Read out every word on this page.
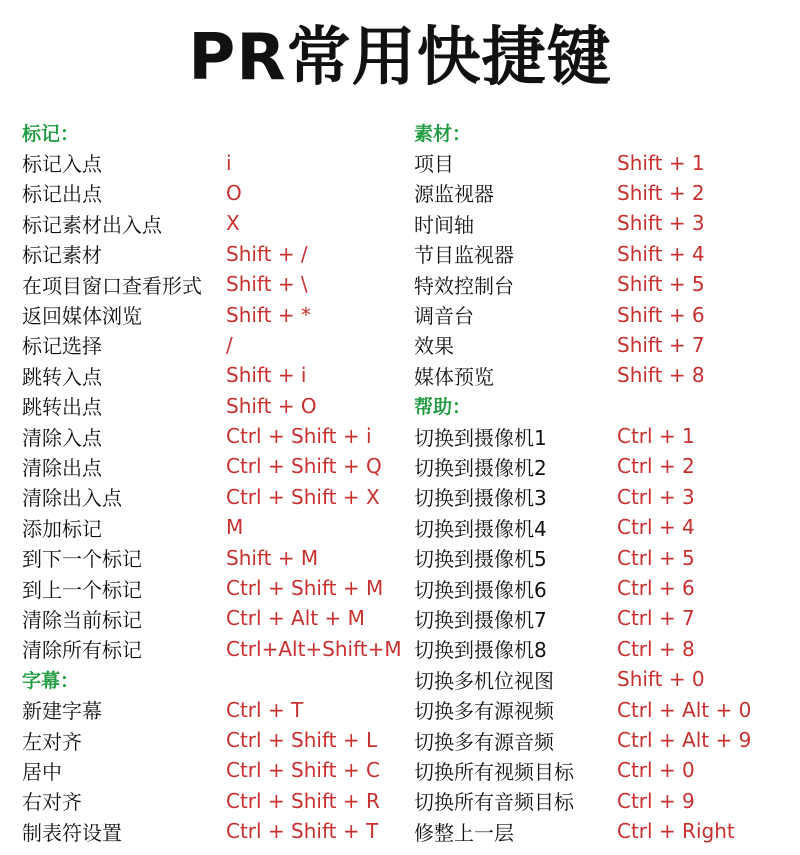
PR常用快捷键
标记：
标记入点	i
标记出点	O
标记素材出入点	X
标记素材	Shift + /
在项目窗口查看形式 Shift + \
返回媒体浏览	Shift + *
标记选择	/
跳转入点	Shift + i
跳转出点	Shift + O
清除入点	Ctrl + Shift + i
清除出点	Ctrl + Shift + Q
清除出入点	Ctrl + Shift + X
添加标记	M
到下一个标记	Shift + M
到上一个标记	Ctrl + Shift + M
清除当前标记	Ctrl + Alt + M
清除所有标记	Ctrl+Alt+Shift+M
字幕：
新建字幕	Ctrl + T
左对齐	Ctrl + Shift + L
居中	Ctrl + Shift + C
右对齐	Ctrl + Shift + R
制表符设置	Ctrl + Shift + T
素材：
项目	Shift + 1
源监视器	Shift + 2
时间轴	Shift + 3
节目监视器	Shift + 4
特效控制台	Shift + 5
调音台	Shift + 6
效果	Shift + 7
媒体预览	Shift + 8
帮助：
切换到摄像机1	Ctrl + 1
切换到摄像机2	Ctrl + 2
切换到摄像机3	Ctrl + 3
切换到摄像机4	Ctrl + 4
切换到摄像机5	Ctrl + 5
切换到摄像机6	Ctrl + 6
切换到摄像机7	Ctrl + 7
切换到摄像机8	Ctrl + 8
切换多机位视图	Shift + 0
切换多有源视频	Ctrl + Alt + 0
切换多有源音频	Ctrl + Alt + 9
切换所有视频目标 Ctrl + 0
切换所有音频目标 Ctrl + 9
修整上一层	Ctrl + Right
